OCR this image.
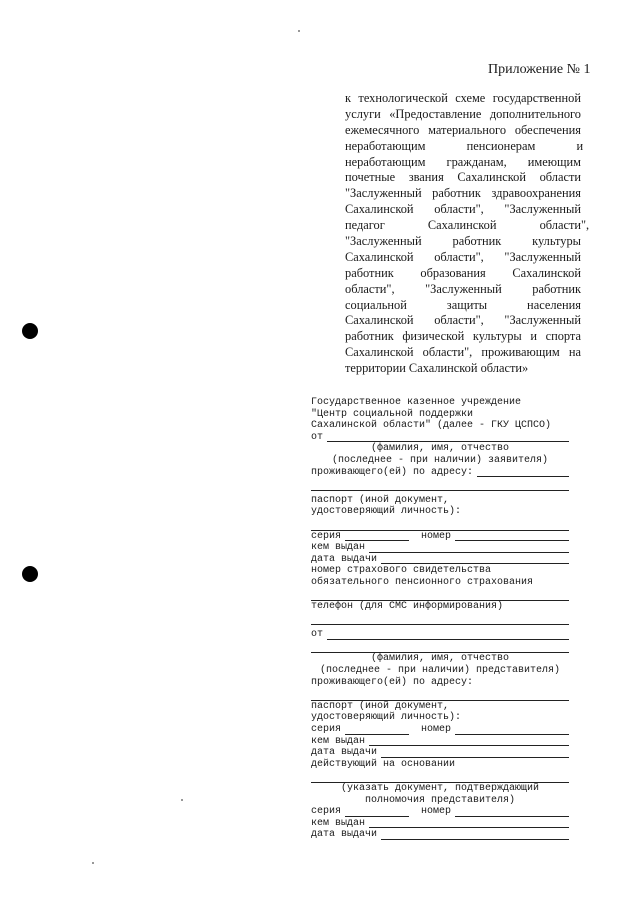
Приложение № 1
к технологической схеме государственной
услуги «Предоставление дополнительного
ежемесячного материального обеспечения
неработающим пенсионерам и
неработающим гражданам, имеющим
почетные звания Сахалинской области
"Заслуженный работник здравоохранения
Сахалинской области", "Заслуженный
педагог Сахалинской области",
"Заслуженный работник культуры
Сахалинской области", "Заслуженный
работник образования Сахалинской
области", "Заслуженный работник
социальной защиты населения
Сахалинской области", "Заслуженный
работник физической культуры и спорта
Сахалинской области", проживающим на
территории Сахалинской области»
Государственное казенное учреждение
"Центр социальной поддержки
Сахалинской области" (далее - ГКУ ЦСПСО)
от
(фамилия, имя, отчество
(последнее - при наличии) заявителя)
проживающего(ей) по адресу:
паспорт (иной документ,
удостоверяющий личность):
серия	номер
кем выдан
дата выдачи
номер страхового свидетельства
обязательного пенсионного страхования
телефон (для СМС информирования)
от
(фамилия, имя, отчество
(последнее - при наличии) представителя)
проживающего(ей) по адресу:
паспорт (иной документ,
удостоверяющий личность):
серия	номер
кем выдан
дата выдачи
действующий на основании
(указать документ, подтверждающий
полномочия представителя)
серия	номер
кем выдан
дата выдачи
